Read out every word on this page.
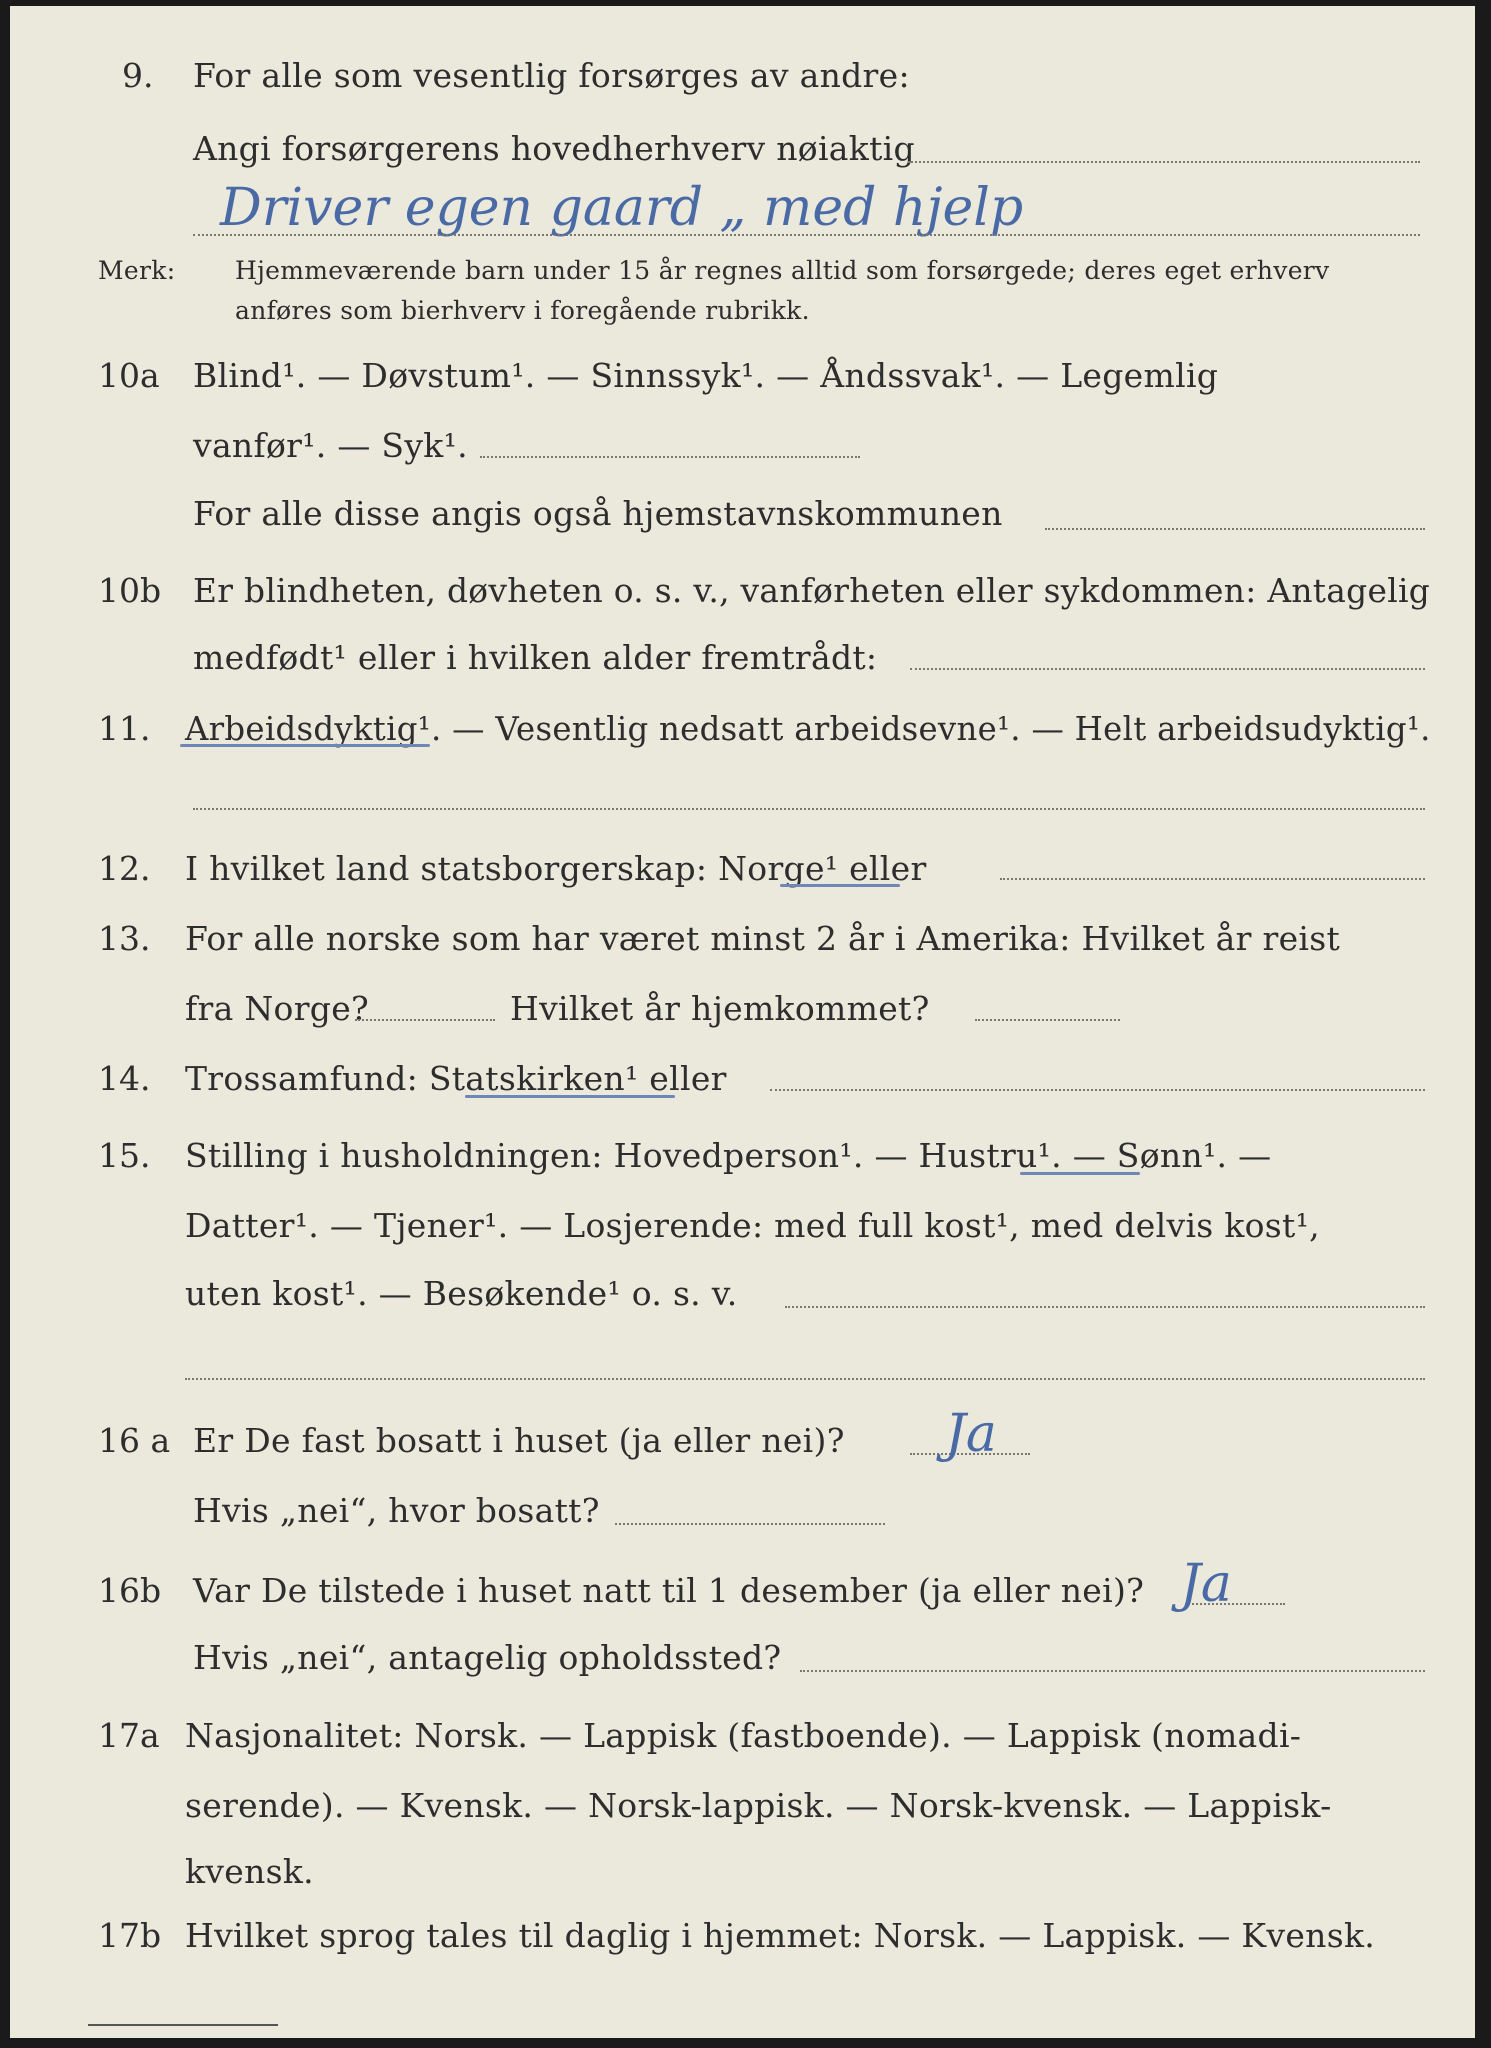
9. For alle som vesentlig forsørges av andre:
Angi forsørgerens hovedherhverv nøiaktig
Driver egen gaard „ med hjelp
Merk: Hjemmeværende barn under 15 år regnes alltid som forsørgede; deres eget erhverv
anføres som bierhverv i foregående rubrikk.
10a Blind¹. — Døvstum¹. — Sinnssyk¹. — Åndssvak¹. — Legemlig
vanfør¹. — Syk¹.
For alle disse angis også hjemstavnskommunen
10b Er blindheten, døvheten o. s. v., vanførheten eller sykdommen: Antagelig
medfødt¹ eller i hvilken alder fremtrådt:
11. Arbeidsdyktig¹. — Vesentlig nedsatt arbeidsevne¹. — Helt arbeidsudyktig¹.
12. I hvilket land statsborgerskap: Norge¹ eller
13. For alle norske som har været minst 2 år i Amerika: Hvilket år reist
fra Norge?	Hvilket år hjemkommet?
14. Trossamfund: Statskirken¹ eller
15. Stilling i husholdningen: Hovedperson¹. — Hustru¹. — Sønn¹. —
Datter¹. — Tjener¹. — Losjerende: med full kost¹, med delvis kost¹,
uten kost¹. — Besøkende¹ o. s. v.
16 a Er De fast bosatt i huset (ja eller nei)? Ja
Hvis „nei“, hvor bosatt?
16b Var De tilstede i huset natt til 1 desember (ja eller nei)? Ja
Hvis „nei“, antagelig opholdssted?
17a Nasjonalitet: Norsk. — Lappisk (fastboende). — Lappisk (nomadi-
serende). — Kvensk. — Norsk-lappisk. — Norsk-kvensk. — Lappisk-
kvensk.
17b Hvilket sprog tales til daglig i hjemmet: Norsk. — Lappisk. — Kvensk.
